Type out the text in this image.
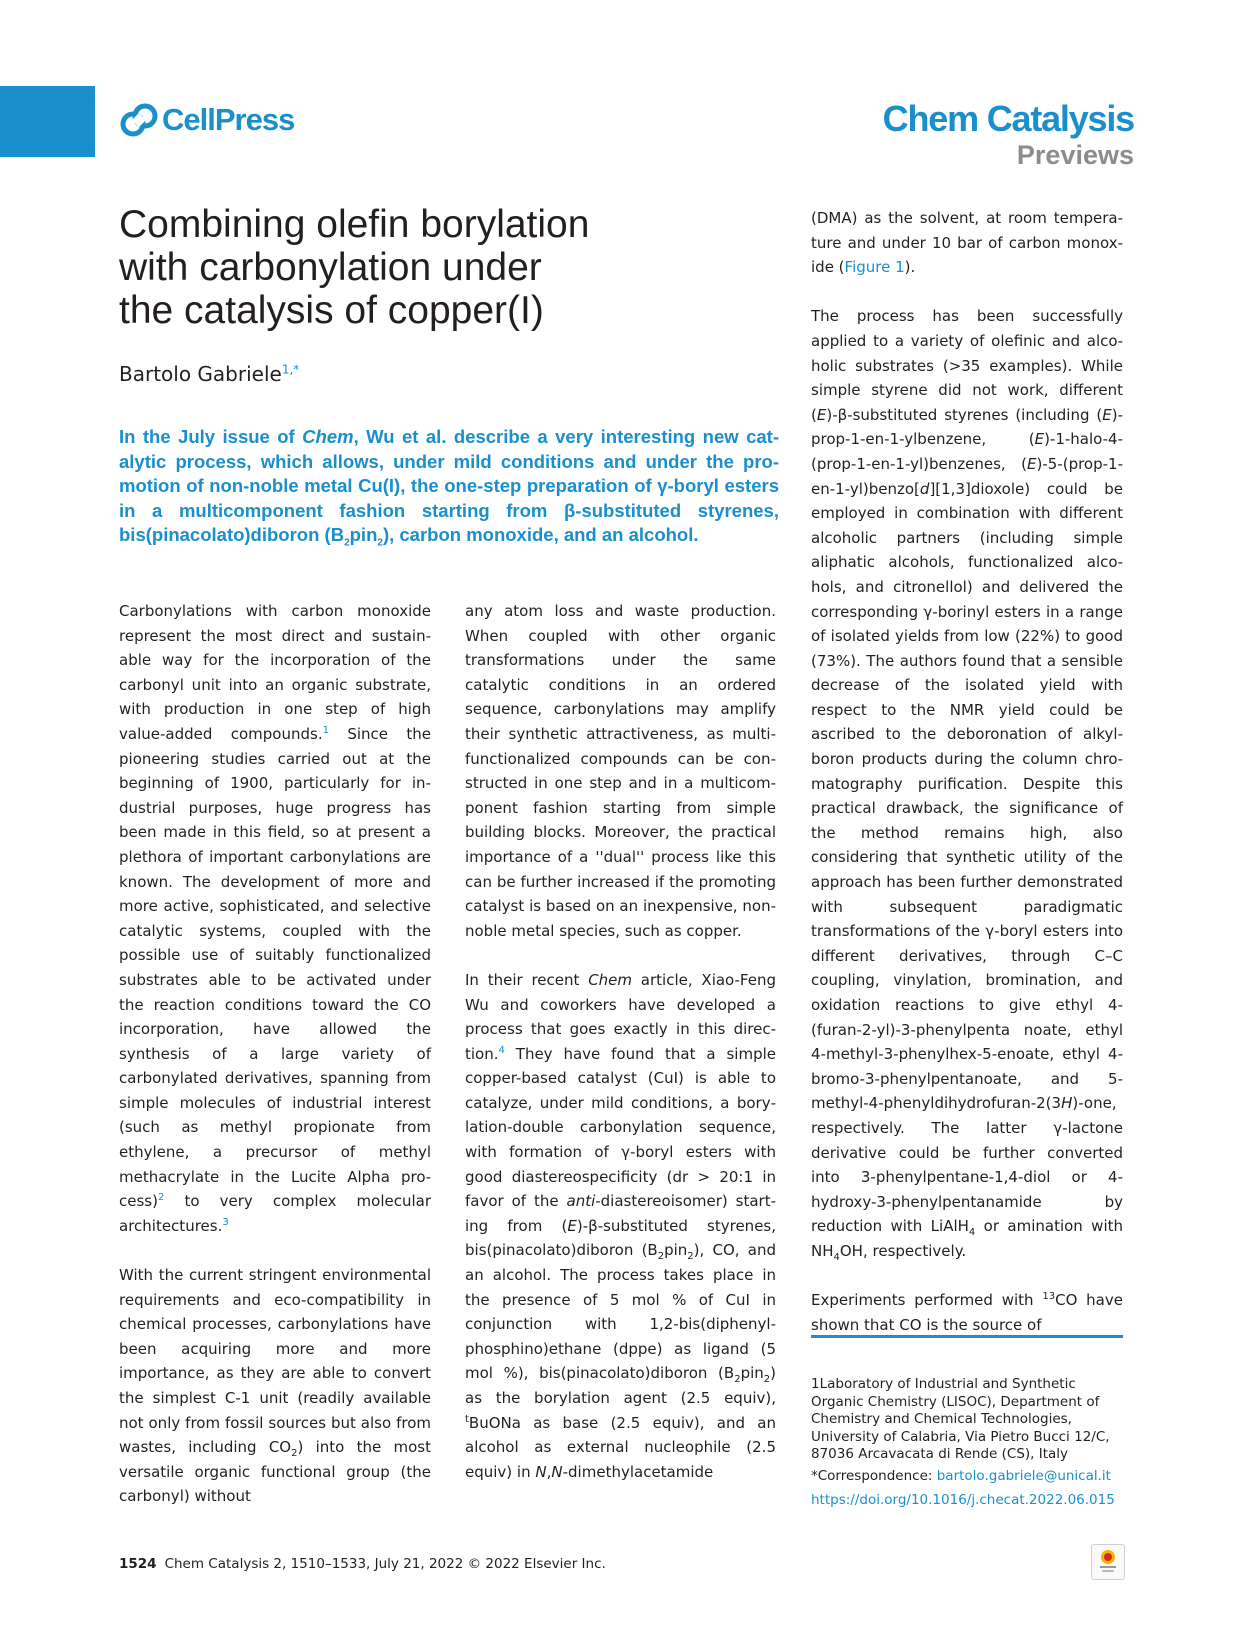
CellPress	Chem Catalysis
Previews
Combining olefin borylation
with carbonylation under
the catalysis of copper(I)
Bartolo Gabriele$^{1,*}$
In the July issue of Chem, Wu et al. describe a very interesting new catalytic process, which allows, under mild conditions and under the promotion of non-noble metal Cu(I), the one-step preparation of γ-boryl esters in a multicomponent fashion starting from β-substituted styrenes, bis(pinacolato)diboron $(B_2pin_2)$, carbon monoxide, and an alcohol.

Carbonylations with carbon monoxide represent the most direct and sustainable way for the incorporation of the carbonyl unit into an organic substrate, with production in one step of high value-added compounds.$^1$ Since the pioneering studies carried out at the beginning of 1900, particularly for industrial purposes, huge progress has been made in this field, so at present a plethora of important carbonylations are known. The development of more and more active, sophisticated, and selective catalytic systems, coupled with the possible use of suitably functionalized substrates able to be activated under the reaction conditions toward the CO incorporation, have allowed the synthesis of a large variety of carbonylated derivatives, spanning from simple molecules of industrial interest (such as methyl propionate from ethylene, a precursor of methyl methacrylate in the Lucite Alpha process)$^2$ to very complex molecular architectures.$^3$

With the current stringent environmental requirements and eco-compatibility in chemical processes, carbonylations have been acquiring more and more importance, as they are able to convert the simplest C-1 unit (readily available not only from fossil sources but also from wastes, including $CO_2$) into the most versatile organic functional group (the carbonyl) without

any atom loss and waste production. When coupled with other organic transformations under the same catalytic conditions in an ordered sequence, carbonylations may amplify their synthetic attractiveness, as multifunctionalized compounds can be constructed in one step and in a multicomponent fashion starting from simple building blocks. Moreover, the practical importance of a ''dual'' process like this can be further increased if the promoting catalyst is based on an inexpensive, non-noble metal species, such as copper.

In their recent Chem article, Xiao-Feng Wu and coworkers have developed a process that goes exactly in this direction.$^4$ They have found that a simple copper-based catalyst (CuI) is able to catalyze, under mild conditions, a borylation-double carbonylation sequence, with formation of γ-boryl esters with good diastereospecificity (dr > 20:1 in favor of the anti-diastereoisomer) starting from (E)-β-substituted styrenes, bis(pinacolato)diboron $(B_2pin_2)$, CO, and an alcohol. The process takes place in the presence of 5 mol % of CuI in conjunction with 1,2-bis(diphenylphosphino)ethane (dppe) as ligand (5 mol %), bis(pinacolato)diboron $(B_2pin_2)$ as the borylation agent (2.5 equiv), $^t$BuONa as base (2.5 equiv), and an alcohol as external nucleophile (2.5 equiv) in N,N-dimethylacetamide

(DMA) as the solvent, at room temperature and under 10 bar of carbon monoxide (Figure 1).

The process has been successfully applied to a variety of olefinic and alcoholic substrates (>35 examples). While simple styrene did not work, different (E)-β-substituted styrenes (including (E)-prop-1-en-1-ylbenzene, (E)-1-halo-4-(prop-1-en-1-yl)benzenes, (E)-5-(prop-1-en-1-yl)benzo[d][1,3]dioxole) could be employed in combination with different alcoholic partners (including simple aliphatic alcohols, functionalized alcohols, and citronellol) and delivered the corresponding γ-borinyl esters in a range of isolated yields from low (22%) to good (73%). The authors found that a sensible decrease of the isolated yield with respect to the NMR yield could be ascribed to the deboronation of alkylboron products during the column chromatography purification. Despite this practical drawback, the significance of the method remains high, also considering that synthetic utility of the approach has been further demonstrated with subsequent paradigmatic transformations of the γ-boryl esters into different derivatives, through C–C coupling, vinylation, bromination, and oxidation reactions to give ethyl 4-(furan-2-yl)-3-phenylpenta noate, ethyl 4-methyl-3-phenylhex-5-enoate, ethyl 4-bromo-3-phenylpentanoate, and 5-methyl-4-phenyldihydrofuran-2(3H)-one, respectively. The latter γ-lactone derivative could be further converted into 3-phenylpentane-1,4-diol or 4-hydroxy-3-phenylpentanamide by reduction with LiAlH$_4$ or amination with $NH_4OH$, respectively.

Experiments performed with $^{13}$CO have shown that CO is the source of

1Laboratory of Industrial and Synthetic Organic Chemistry (LISOC), Department of Chemistry and Chemical Technologies, University of Calabria, Via Pietro Bucci 12/C, 87036 Arcavacata di Rende (CS), Italy
*Correspondence: bartolo.gabriele@unical.it
https://doi.org/10.1016/j.checat.2022.06.015
1524 Chem Catalysis 2, 1510–1533, July 21, 2022 © 2022 Elsevier Inc.
